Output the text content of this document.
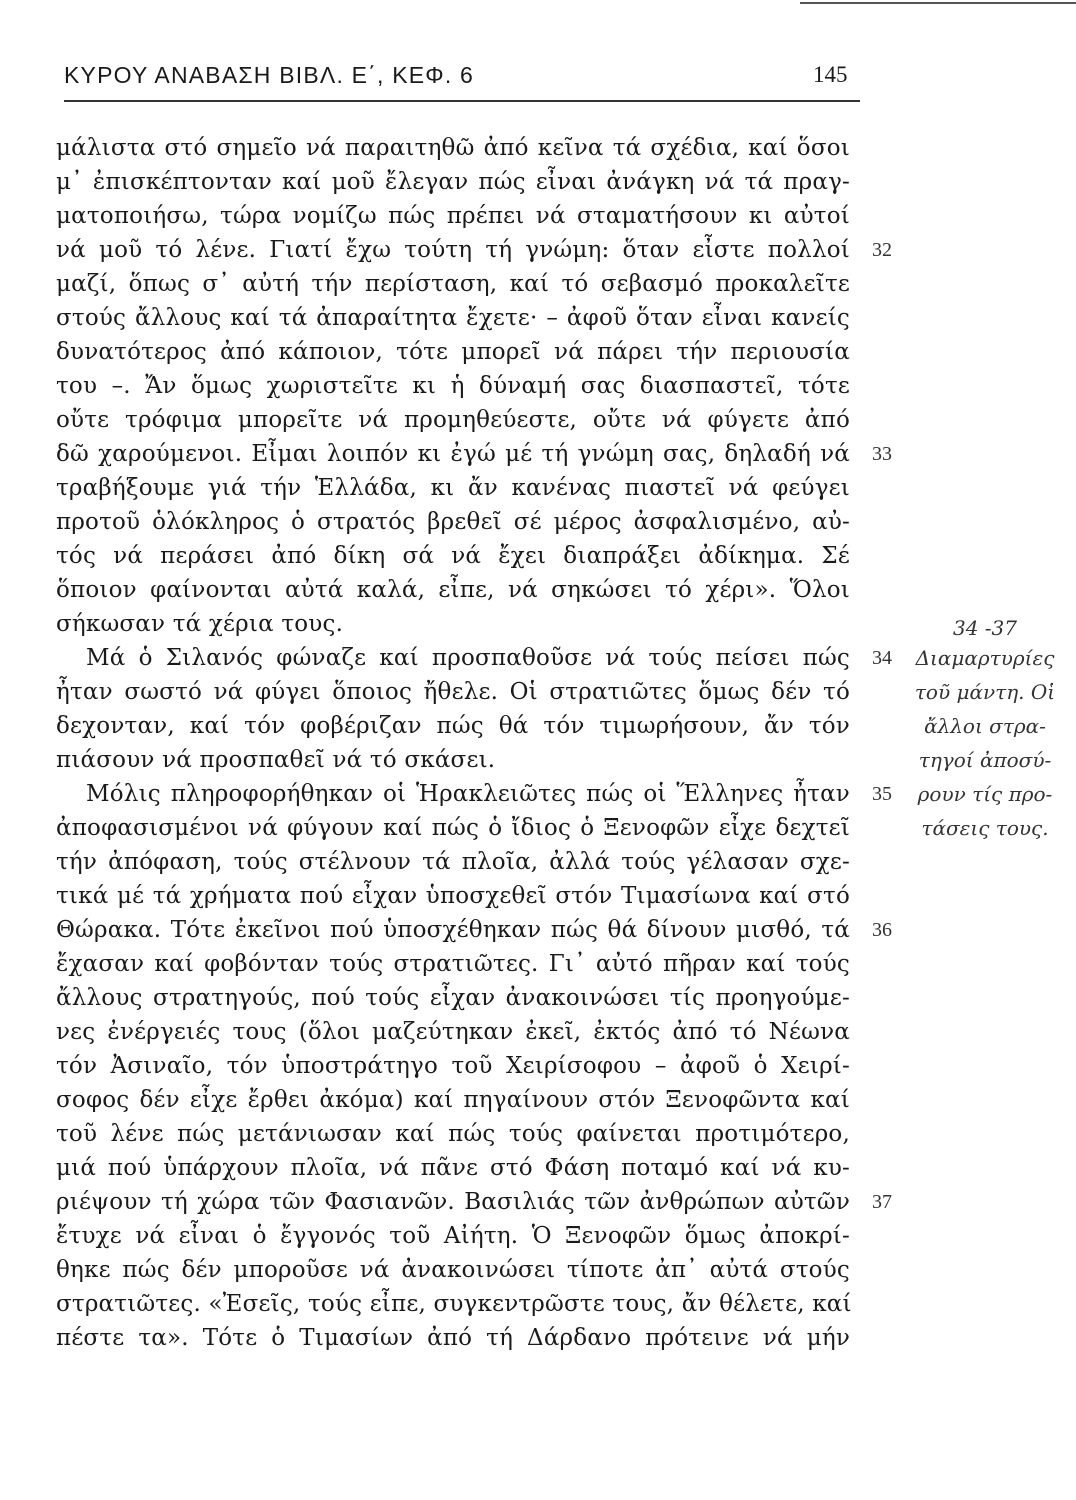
ΚΥΡΟΥ ΑΝΑΒΑΣΗ ΒΙΒΛ. Ε΄, ΚΕΦ. 6	145
μάλιστα στό σημεῖο νά παραιτηθῶ ἀπό κεῖνα τά σχέδια, καί ὅσοι
μ᾿ ἐπισκέπτονταν καί μοῦ ἔλεγαν πώς εἶναι ἀνάγκη νά τά πραγ-
ματοποιήσω, τώρα νομίζω πώς πρέπει νά σταματήσουν κι αὐτοί
νά μοῦ τό λένε. Γιατί ἔχω τούτη τή γνώμη: ὅταν εἶστε πολλοί
μαζί, ὅπως σ᾿ αὐτή τήν περίσταση, καί τό σεβασμό προκαλεῖτε
στούς ἄλλους καί τά ἀπαραίτητα ἔχετε· – ἀφοῦ ὅταν εἶναι κανείς
δυνατότερος ἀπό κάποιον, τότε μπορεῖ νά πάρει τήν περιουσία
του –. Ἄν ὅμως χωριστεῖτε κι ἡ δύναμή σας διασπαστεῖ, τότε
οὔτε τρόφιμα μπορεῖτε νά προμηθεύεστε, οὔτε νά φύγετε ἀπό
δῶ χαρούμενοι. Εἶμαι λοιπόν κι ἐγώ μέ τή γνώμη σας, δηλαδή νά
τραβήξουμε γιά τήν Ἑλλάδα, κι ἄν κανένας πιαστεῖ νά φεύγει
προτοῦ ὁλόκληρος ὁ στρατός βρεθεῖ σέ μέρος ἀσφαλισμένο, αὐ-
τός νά περάσει ἀπό δίκη σά νά ἔχει διαπράξει ἀδίκημα. Σέ
ὅποιον φαίνονται αὐτά καλά, εἶπε, νά σηκώσει τό χέρι». Ὅλοι
σήκωσαν τά χέρια τους.
Μά ὁ Σιλανός φώναζε καί προσπαθοῦσε νά τούς πείσει πώς
ἦταν σωστό νά φύγει ὅποιος ἤθελε. Οἱ στρατιῶτες ὅμως δέν τό
δεχονταν, καί τόν φοβέριζαν πώς θά τόν τιμωρήσουν, ἄν τόν
πιάσουν νά προσπαθεῖ νά τό σκάσει.
Μόλις πληροφορήθηκαν οἱ Ἡρακλειῶτες πώς οἱ Ἕλληνες ἦταν
ἀποφασισμένοι νά φύγουν καί πώς ὁ ἴδιος ὁ Ξενοφῶν εἶχε δεχτεῖ
τήν ἀπόφαση, τούς στέλνουν τά πλοῖα, ἀλλά τούς γέλασαν σχε-
τικά μέ τά χρήματα πού εἶχαν ὑποσχεθεῖ στόν Τιμασίωνα καί στό
Θώρακα. Τότε ἐκεῖνοι πού ὑποσχέθηκαν πώς θά δίνουν μισθό, τά
ἔχασαν καί φοβόνταν τούς στρατιῶτες. Γι᾿ αὐτό πῆραν καί τούς
ἄλλους στρατηγούς, πού τούς εἶχαν ἀνακοινώσει τίς προηγούμε-
νες ἐνέργειές τους (ὅλοι μαζεύτηκαν ἐκεῖ, ἐκτός ἀπό τό Νέωνα
τόν Ἀσιναῖο, τόν ὑποστράτηγο τοῦ Χειρίσοφου – ἀφοῦ ὁ Χειρί-
σοφος δέν εἶχε ἔρθει ἀκόμα) καί πηγαίνουν στόν Ξενοφῶντα καί
τοῦ λένε πώς μετάνιωσαν καί πώς τούς φαίνεται προτιμότερο,
μιά πού ὑπάρχουν πλοῖα, νά πᾶνε στό Φάση ποταμό καί νά κυ-
ριέψουν τή χώρα τῶν Φασιανῶν. Βασιλιάς τῶν ἀνθρώπων αὐτῶν
ἔτυχε νά εἶναι ὁ ἔγγονός τοῦ Αἰήτη. Ὁ Ξενοφῶν ὅμως ἀποκρί-
θηκε πώς δέν μποροῦσε νά ἀνακοινώσει τίποτε ἀπ᾿ αὐτά στούς
στρατιῶτες. «Ἐσεῖς, τούς εἶπε, συγκεντρῶστε τους, ἄν θέλετε, καί
πέστε τα». Τότε ὁ Τιμασίων ἀπό τή Δάρδανο πρότεινε νά μήν
32
33
34
35
36
37
34 -37
Διαμαρτυρίες
τοῦ μάντη. Οἱ
ἄλλοι στρα-
τηγοί ἀποσύ-
ρουν τίς προ-
τάσεις τους.
